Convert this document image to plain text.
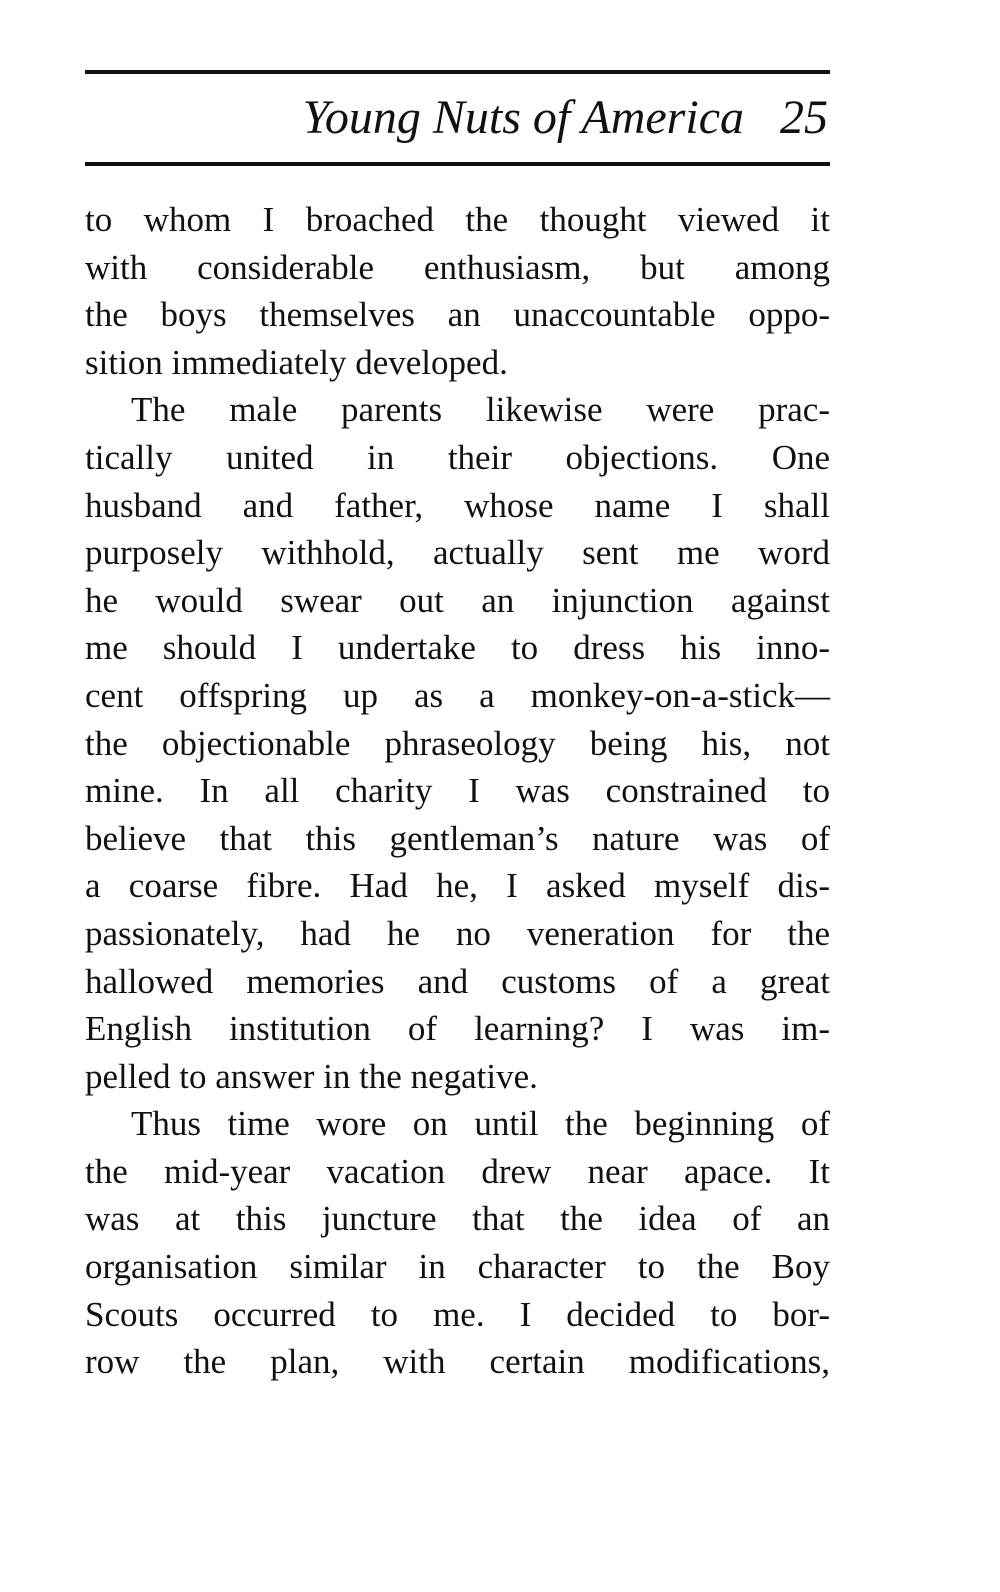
Young Nuts of America 25
to whom I broached the thought viewed it
with considerable enthusiasm, but among
the boys themselves an unaccountable oppo-
sition immediately developed.
The male parents likewise were prac-
tically united in their objections. One
husband and father, whose name I shall
purposely withhold, actually sent me word
he would swear out an injunction against
me should I undertake to dress his inno-
cent offspring up as a monkey-on-a-stick—
the objectionable phraseology being his, not
mine. In all charity I was constrained to
believe that this gentleman’s nature was of
a coarse fibre. Had he, I asked myself dis-
passionately, had he no veneration for the
hallowed memories and customs of a great
English institution of learning? I was im-
pelled to answer in the negative.
Thus time wore on until the beginning of
the mid-year vacation drew near apace. It
was at this juncture that the idea of an
organisation similar in character to the Boy
Scouts occurred to me. I decided to bor-
row the plan, with certain modifications,
